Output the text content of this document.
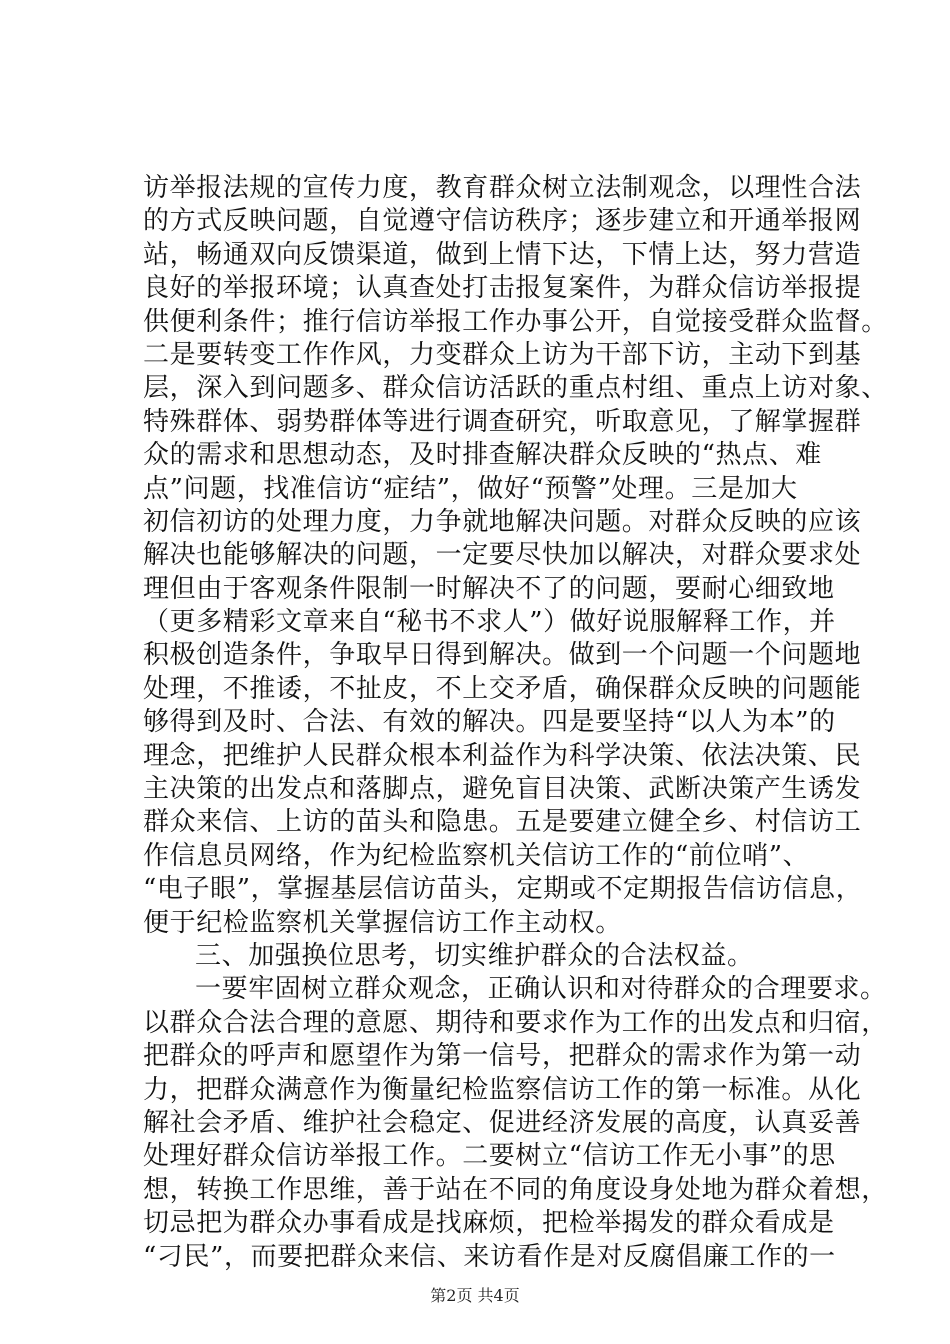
访举报法规的宣传力度，教育群众树立法制观念，以理性合法
的方式反映问题，自觉遵守信访秩序；逐步建立和开通举报网
站，畅通双向反馈渠道，做到上情下达，下情上达，努力营造
良好的举报环境；认真查处打击报复案件，为群众信访举报提
供便利条件；推行信访举报工作办事公开，自觉接受群众监督。
二是要转变工作作风，力变群众上访为干部下访，主动下到基
层，深入到问题多、群众信访活跃的重点村组、重点上访对象、
特殊群体、弱势群体等进行调查研究，听取意见，了解掌握群
众的需求和思想动态，及时排查解决群众反映的“热点、难
点”问题，找准信访“症结”，做好“预警”处理。三是加大
初信初访的处理力度，力争就地解决问题。对群众反映的应该
解决也能够解决的问题，一定要尽快加以解决，对群众要求处
理但由于客观条件限制一时解决不了的问题，要耐心细致地
（更多精彩文章来自“秘书不求人”）做好说服解释工作，并
积极创造条件，争取早日得到解决。做到一个问题一个问题地
处理，不推诿，不扯皮，不上交矛盾，确保群众反映的问题能
够得到及时、合法、有效的解决。四是要坚持“以人为本”的
理念，把维护人民群众根本利益作为科学决策、依法决策、民
主决策的出发点和落脚点，避免盲目决策、武断决策产生诱发
群众来信、上访的苗头和隐患。五是要建立健全乡、村信访工
作信息员网络，作为纪检监察机关信访工作的“前位哨”、
“电子眼”，掌握基层信访苗头，定期或不定期报告信访信息，
便于纪检监察机关掌握信访工作主动权。
三、加强换位思考，切实维护群众的合法权益。
一要牢固树立群众观念，正确认识和对待群众的合理要求。
以群众合法合理的意愿、期待和要求作为工作的出发点和归宿，
把群众的呼声和愿望作为第一信号，把群众的需求作为第一动
力，把群众满意作为衡量纪检监察信访工作的第一标准。从化
解社会矛盾、维护社会稳定、促进经济发展的高度，认真妥善
处理好群众信访举报工作。二要树立“信访工作无小事”的思
想，转换工作思维，善于站在不同的角度设身处地为群众着想，
切忌把为群众办事看成是找麻烦，把检举揭发的群众看成是
“刁民”，而要把群众来信、来访看作是对反腐倡廉工作的一
第2页 共4页
